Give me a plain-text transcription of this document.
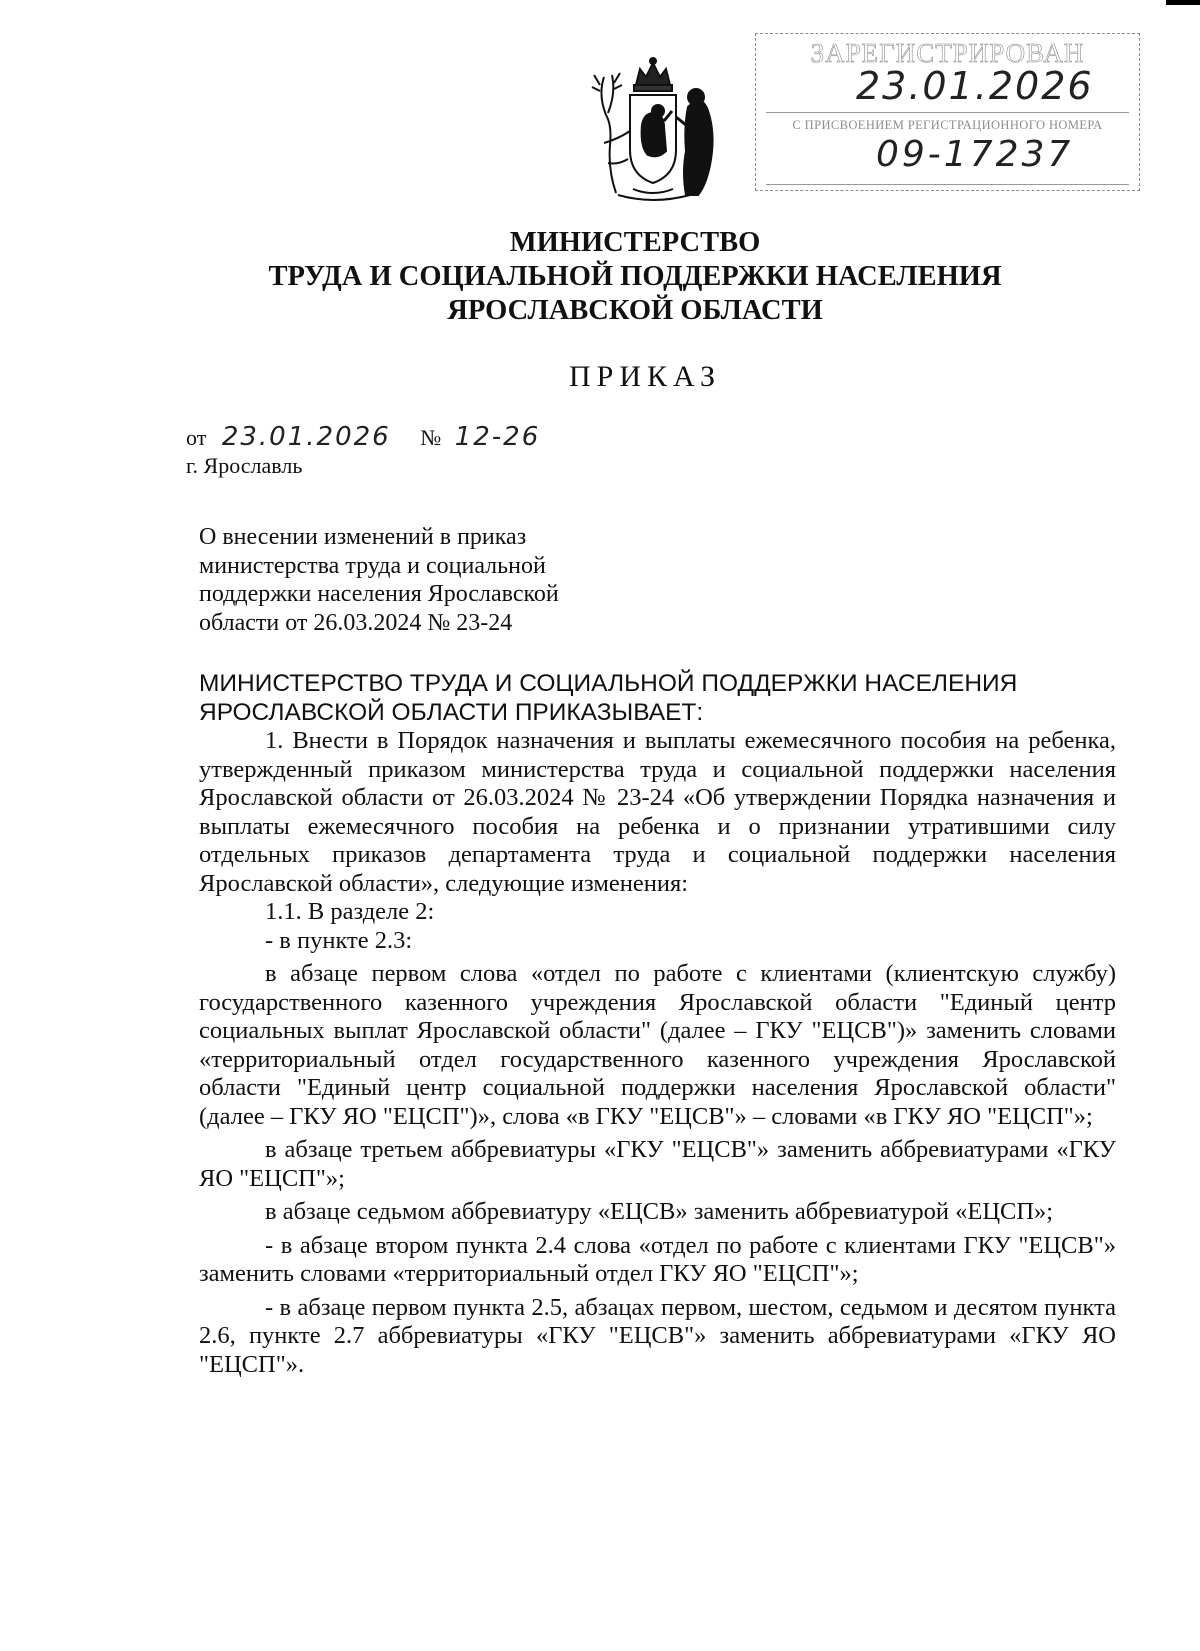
ЗАРЕГИСТРИРОВАН
23.01.2026
С ПРИСВОЕНИЕМ РЕГИСТРАЦИОННОГО НОМЕРА
09-17237
МИНИСТЕРСТВО
ТРУДА И СОЦИАЛЬНОЙ ПОДДЕРЖКИ НАСЕЛЕНИЯ
ЯРОСЛАВСКОЙ ОБЛАСТИ
ПРИКАЗ
от 23.01.2026 № 12-26
г. Ярославль
О внесении изменений в приказ
министерства труда и социальной
поддержки населения Ярославской
области от 26.03.2024 № 23-24
МИНИСТЕРСТВО ТРУДА И СОЦИАЛЬНОЙ ПОДДЕРЖКИ НАСЕЛЕНИЯ
ЯРОСЛАВСКОЙ ОБЛАСТИ ПРИКАЗЫВАЕТ:

1. Внести в Порядок назначения и выплаты ежемесячного пособия на ребенка, утвержденный приказом министерства труда и социальной поддержки населения Ярославской области от 26.03.2024 № 23-24 «Об утверждении Порядка назначения и выплаты ежемесячного пособия на ребенка и о признании утратившими силу отдельных приказов департамента труда и социальной поддержки населения Ярославской области», следующие изменения:

1.1. В разделе 2:

- в пункте 2.3:

в абзаце первом слова «отдел по работе с клиентами (клиентскую службу) государственного казенного учреждения Ярославской области "Единый центр социальных выплат Ярославской области" (далее – ГКУ "ЕЦСВ")» заменить словами «территориальный отдел государственного казенного учреждения Ярославской области "Единый центр социальной поддержки населения Ярославской области" (далее – ГКУ ЯО "ЕЦСП")», слова «в ГКУ "ЕЦСВ"» – словами «в ГКУ ЯО "ЕЦСП"»;

в абзаце третьем аббревиатуры «ГКУ "ЕЦСВ"» заменить аббревиатурами «ГКУ ЯО "ЕЦСП"»;

в абзаце седьмом аббревиатуру «ЕЦСВ» заменить аббревиатурой «ЕЦСП»;

- в абзаце втором пункта 2.4 слова «отдел по работе с клиентами ГКУ "ЕЦСВ"» заменить словами «территориальный отдел ГКУ ЯО "ЕЦСП"»;

- в абзаце первом пункта 2.5, абзацах первом, шестом, седьмом и десятом пункта 2.6, пункте 2.7 аббревиатуры «ГКУ "ЕЦСВ"» заменить аббревиатурами «ГКУ ЯО "ЕЦСП"».
